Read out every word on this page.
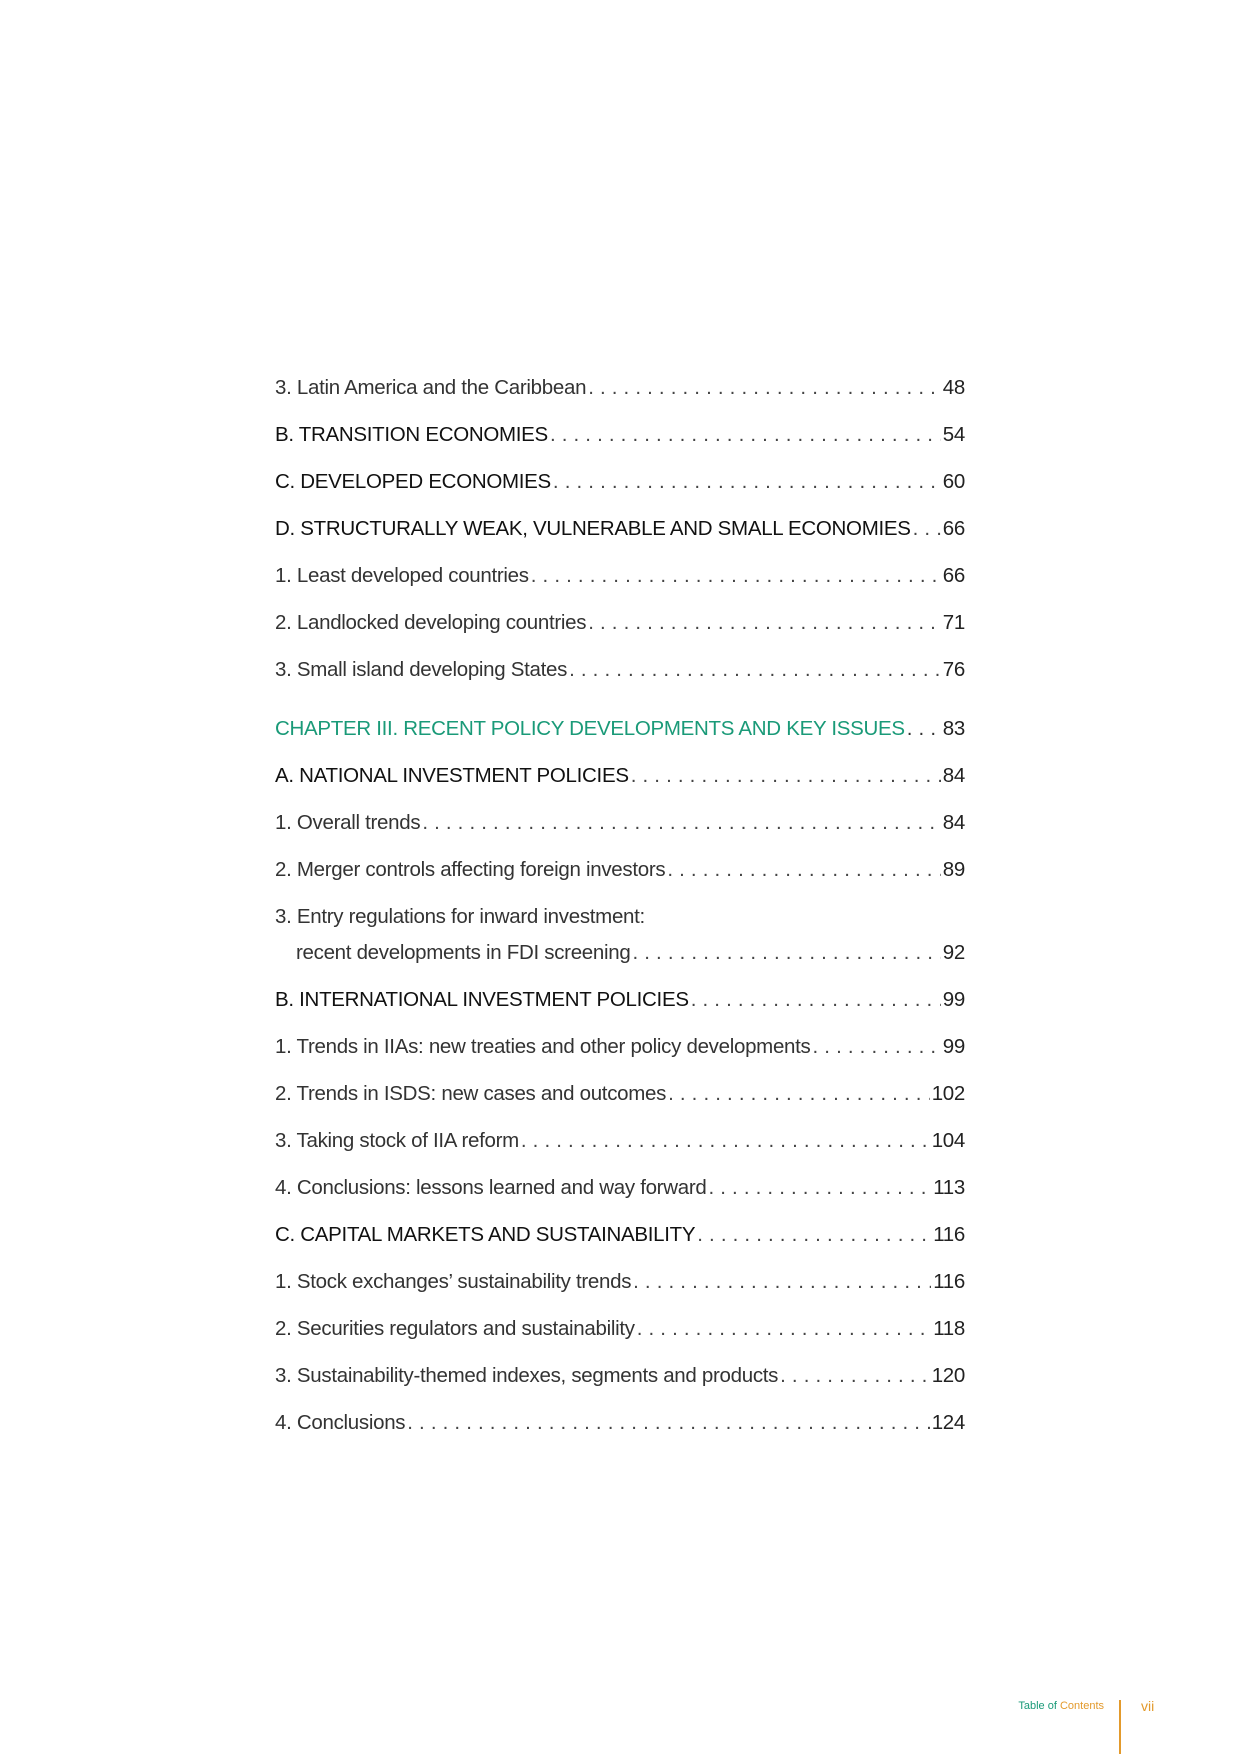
3. Latin America and the Caribbean . . .	48
B. TRANSITION ECONOMIES . . .	54
C. DEVELOPED ECONOMIES . . .	60
D. STRUCTURALLY WEAK, VULNERABLE AND SMALL ECONOMIES . . . 66
1. Least developed countries . . .	66
2. Landlocked developing countries . . .	71
3. Small island developing States . . .	76
CHAPTER III. RECENT POLICY DEVELOPMENTS AND KEY ISSUES . . . 83
A. NATIONAL INVESTMENT POLICIES . . .	84
1. Overall trends . . .	84
2. Merger controls affecting foreign investors . . .	89
3. Entry regulations for inward investment:
recent developments in FDI screening . . .	92
B. INTERNATIONAL INVESTMENT POLICIES . . .	99
1. Trends in IIAs: new treaties and other policy developments . . .	99
2. Trends in ISDS: new cases and outcomes . . .	102
3. Taking stock of IIA reform . . .	104
4. Conclusions: lessons learned and way forward . . .	113
C. CAPITAL MARKETS AND SUSTAINABILITY . . .	116
1. Stock exchanges’ sustainability trends . . .	116
2. Securities regulators and sustainability . . .	118
3. Sustainability-themed indexes, segments and products . . .	120
4. Conclusions . . .	124
Table of Contents	vii
